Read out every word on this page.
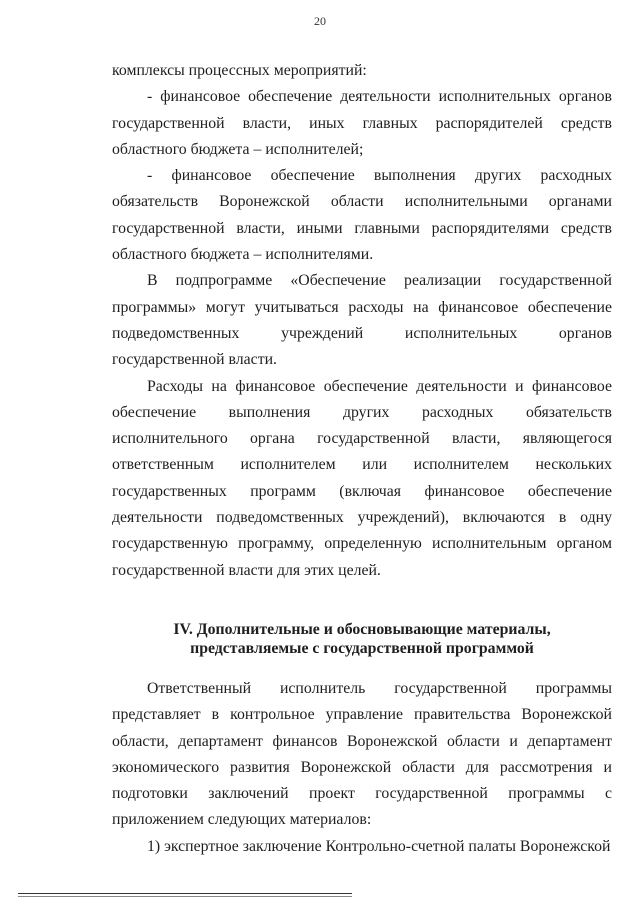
20

комплексы процессных мероприятий:

- финансовое обеспечение деятельности исполнительных органов государственной власти, иных главных распорядителей средств областного бюджета – исполнителей;

- финансовое обеспечение выполнения других расходных обязательств Воронежской области исполнительными органами государственной власти, иными главными распорядителями средств областного бюджета – исполнителями.

В подпрограмме «Обеспечение реализации государственной программы» могут учитываться расходы на финансовое обеспечение подведомственных учреждений исполнительных органов государственной власти.

Расходы на финансовое обеспечение деятельности и финансовое обеспечение выполнения других расходных обязательств исполнительного органа государственной власти, являющегося ответственным исполнителем или исполнителем нескольких государственных программ (включая финансовое обеспечение деятельности подведомственных учреждений), включаются в одну государственную программу, определенную исполнительным органом государственной власти для этих целей.

IV. Дополнительные и обосновывающие материалы,
представляемые с государственной программой

Ответственный исполнитель государственной программы представляет в контрольное управление правительства Воронежской области, департамент финансов Воронежской области и департамент экономического развития Воронежской области для рассмотрения и подготовки заключений проект государственной программы с приложением следующих материалов:

1) экспертное заключение Контрольно-счетной палаты Воронежской
